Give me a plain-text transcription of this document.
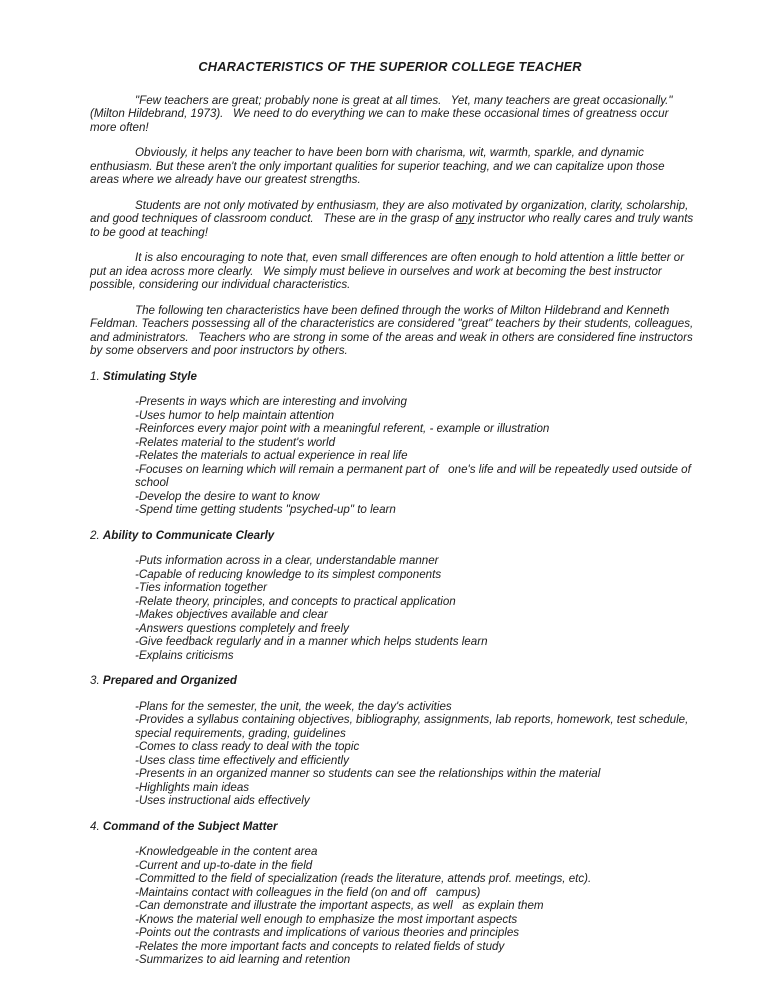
CHARACTERISTICS OF THE SUPERIOR COLLEGE TEACHER

"Few teachers are great; probably none is great at all times.   Yet, many teachers are great occasionally."   (Milton Hildebrand, 1973).   We need to do everything we can to make these occasional times of greatness occur more often!

Obviously, it helps any teacher to have been born with charisma, wit, warmth, sparkle, and dynamic enthusiasm. But these aren't the only important qualities for superior teaching, and we can capitalize upon those areas where we already have our greatest strengths.

Students are not only motivated by enthusiasm, they are also motivated by organization, clarity, scholarship, and good techniques of classroom conduct.   These are in the grasp of any instructor who really cares and truly wants to be good at teaching!

It is also encouraging to note that, even small differences are often enough to hold attention a little better or put an idea across more clearly.   We simply must believe in ourselves and work at becoming the best instructor possible, considering our individual characteristics.

The following ten characteristics have been defined through the works of Milton Hildebrand and Kenneth Feldman. Teachers possessing all of the characteristics are considered "great" teachers by their students, colleagues, and administrators.   Teachers who are strong in some of the areas and weak in others are considered fine instructors by some observers and poor instructors by others.

1. Stimulating Style

-Presents in ways which are interesting and involving
-Uses humor to help maintain attention
-Reinforces every major point with a meaningful referent, - example or illustration
-Relates material to the student's world
-Relates the materials to actual experience in real life
-Focuses on learning which will remain a permanent part of   one's life and will be repeatedly used outside of school
-Develop the desire to want to know
-Spend time getting students "psyched-up" to learn

2. Ability to Communicate Clearly

-Puts information across in a clear, understandable manner
-Capable of reducing knowledge to its simplest components
-Ties information together
-Relate theory, principles, and concepts to practical application
-Makes objectives available and clear
-Answers questions completely and freely
-Give feedback regularly and in a manner which helps students learn
-Explains criticisms

3. Prepared and Organized

-Plans for the semester, the unit, the week, the day's activities
-Provides a syllabus containing objectives, bibliography, assignments, lab reports, homework, test schedule, special requirements, grading, guidelines
-Comes to class ready to deal with the topic
-Uses class time effectively and efficiently
-Presents in an organized manner so students can see the relationships within the material
-Highlights main ideas
-Uses instructional aids effectively

4. Command of the Subject Matter

-Knowledgeable in the content area
-Current and up-to-date in the field
-Committed to the field of specialization (reads the literature, attends prof. meetings, etc).
-Maintains contact with colleagues in the field (on and off   campus)
-Can demonstrate and illustrate the important aspects, as well   as explain them
-Knows the material well enough to emphasize the most important aspects
-Points out the contrasts and implications of various theories and principles
-Relates the more important facts and concepts to related fields of study
-Summarizes to aid learning and retention
